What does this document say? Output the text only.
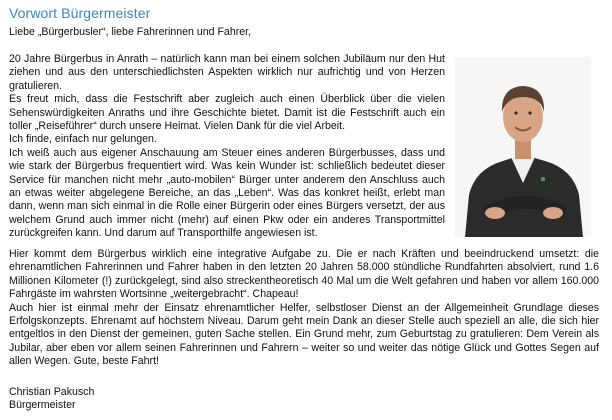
Vorwort Bürgermeister
Liebe „Bürgerbusler“, liebe Fahrerinnen und Fahrer,

20 Jahre Bürgerbus in Anrath – natürlich kann man bei einem solchen Jubiläum nur den Hut ziehen und aus den unterschiedlichsten Aspekten wirklich nur aufrichtig und von Herzen gratulieren.

Es freut mich, dass die Festschrift aber zugleich auch einen Überblick über die vielen Sehenswürdigkeiten Anraths und ihre Geschichte bietet. Damit ist die Festschrift auch ein toller „Reiseführer“ durch unsere Heimat. Vielen Dank für die viel Arbeit.

Ich finde, einfach nur gelungen.

Ich weiß auch aus eigener Anschauung am Steuer eines anderen Bürgerbusses, dass und wie stark der Bürgerbus frequentiert wird. Was kein Wunder ist: schließlich bedeutet dieser Service für manchen nicht mehr „auto-mobilen“ Bürger unter anderem den Anschluss auch an etwas weiter abgelegene Bereiche, an das „Leben“. Was das konkret heißt, erlebt man dann, wenn man sich einmal in die Rolle einer Bürgerin oder eines Bürgers versetzt, der aus welchem Grund auch immer nicht (mehr) auf einen Pkw oder ein anderes Transportmittel zurückgreifen kann. Und darum auf Transporthilfe angewiesen ist.

Hier kommt dem Bürgerbus wirklich eine integrative Aufgabe zu. Die er nach Kräften und beeindruckend umsetzt: die ehrenamtlichen Fahrerinnen und Fahrer haben in den letzten 20 Jahren 58.000 stündliche Rundfahrten absolviert, rund 1.6 Millionen Kilometer (!) zurückgelegt, sind also streckentheoretisch 40 Mal um die Welt gefahren und haben vor allem 160.000 Fahrgäste im wahrsten Wortsinne „weitergebracht“. Chapeau!

Auch hier ist einmal mehr der Einsatz ehrenamtlicher Helfer, selbstloser Dienst an der Allgemeinheit Grundlage dieses Erfolgskonzepts. Ehrenamt auf höchstem Niveau. Darum geht mein Dank an dieser Stelle auch speziell an alle, die sich hier entgeltlos in den Dienst der gemeinen, guten Sache stellen. Ein Grund mehr, zum Geburtstag zu gratulieren: Dem Verein als Jubilar, aber eben vor allem seinen Fahrerinnen und Fahrern – weiter so und weiter das nötige Glück und Gottes Segen auf allen Wegen. Gute, beste Fahrt!

Christian Pakusch
Bürgermeister
